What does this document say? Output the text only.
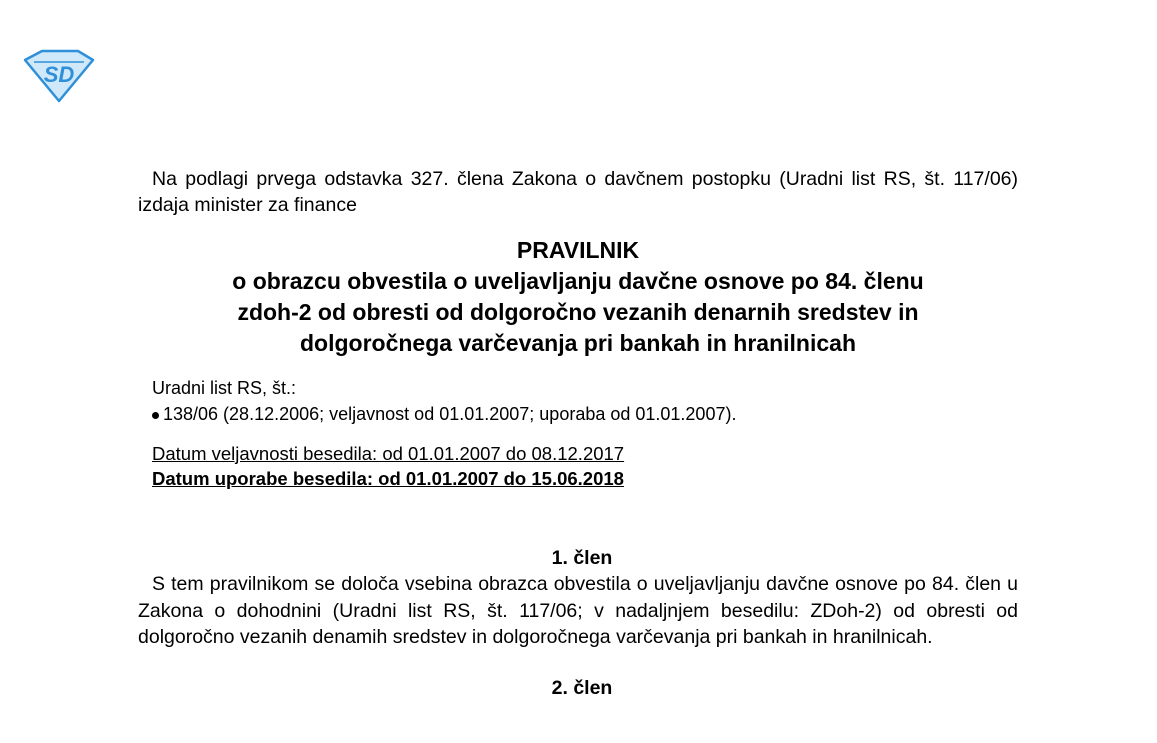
SD

Na podlagi prvega odstavka 327. člena Zakona o davčnem postopku (Uradni list RS, št. 117/06) izdaja minister za finance

PRAVILNIK
o obrazcu obvestila o uveljavljanju davčne osnove po 84. členu
zdoh-2 od obresti od dolgoročno vezanih denarnih sredstev in
dolgoročnega varčevanja pri bankah in hranilnicah
Uradni list RS, št.:
138/06 (28.12.2006; veljavnost od 01.01.2007; uporaba od 01.01.2007).
Datum veljavnosti besedila: od 01.01.2007 do 08.12.2017
Datum uporabe besedila: od 01.01.2007 do 15.06.2018
1. člen

S tem pravilnikom se določa vsebina obrazca obvestila o uveljavljanju davčne osnove po 84. člen u Zakona o dohodnini (Uradni list RS, št. 117/06; v nadaljnjem besedilu: ZDoh-2) od obresti od dolgoročno vezanih denamih sredstev in dolgoročnega varčevanja pri bankah in hranilnicah.

2. člen
